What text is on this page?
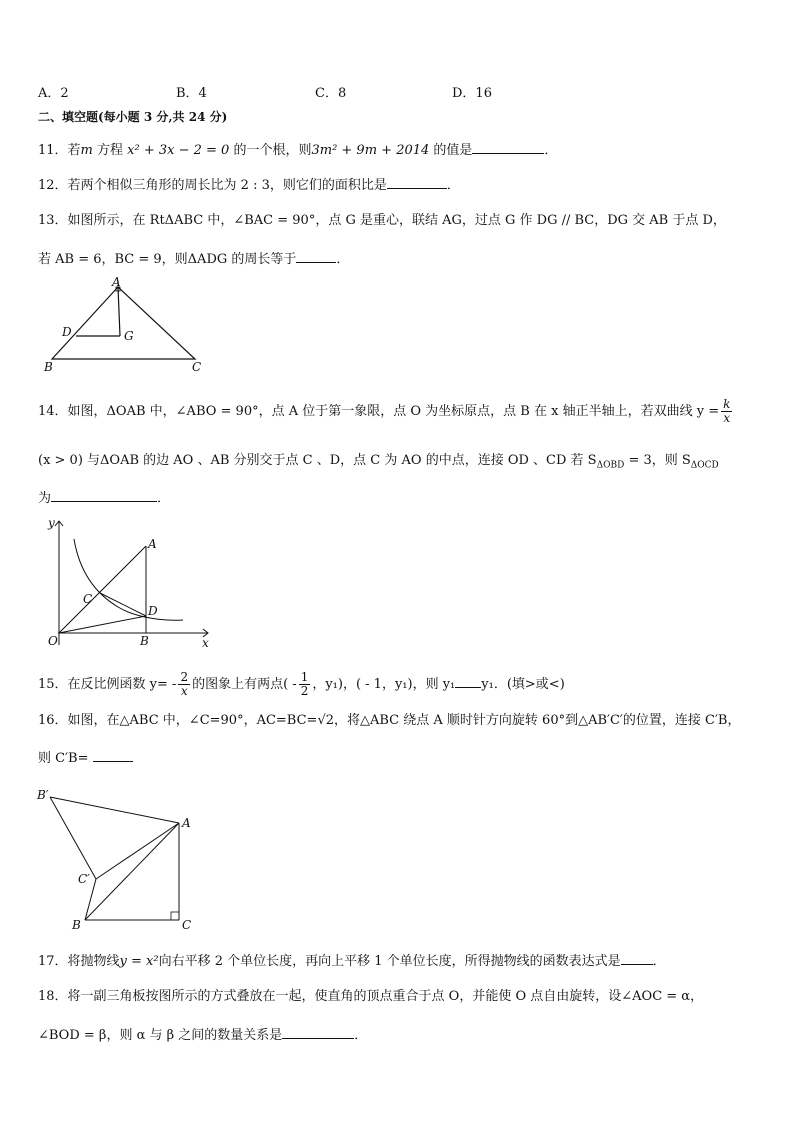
A．2	B．4	C．8	D．16
二、填空题(每小题 3 分,共 24 分)
11．若m 方程 x² + 3x − 2 = 0 的一个根，则3m² + 9m + 2014 的值是	．
12．若两个相似三角形的周长比为 2 : 3，则它们的面积比是	．
13．如图所示，在 RtΔABC 中，∠BAC = 90°，点 G 是重心，联结 AG，过点 G 作 DG // BC，DG 交 AB 于点 D，
若 AB = 6，BC = 9，则ΔADG 的周长等于	．
A
B	C
D	G
14．如图，ΔOAB 中，∠ABO = 90°，点 A 位于第一象限，点 O 为坐标原点，点 B 在 x 轴正半轴上，若双曲线 $y = \frac{k}{x}$
(x > 0) 与ΔOAB 的边 AO 、AB 分别交于点 C 、D，点 C 为 AO 的中点，连接 OD 、CD 若 $S_{\Delta OBD} = 3$，则 $S_{\Delta OCD}$
为	．
y
x
O
A
B
C
D
15．在反比例函数 $y= - \frac{2}{x}$ 的图象上有两点( - $\frac{1}{2}$ ，y₁)，( - 1，y₁)，则 y₁ y₁．(填>或<)
16．如图，在△ABC 中，∠C=90°，AC=BC=√2，将△ABC 绕点 A 顺时针方向旋转 60°到△AB′C′的位置，连接 C′B，
则 C′B=
B′
A
C′
B	C
17．将抛物线y = x²向右平移 2 个单位长度，再向上平移 1 个单位长度，所得抛物线的函数表达式是 ．
18．将一副三角板按图所示的方式叠放在一起，使直角的顶点重合于点 O，并能使 O 点自由旋转，设∠AOC = α，
∠BOD = β，则 α 与 β 之间的数量关系是	．
